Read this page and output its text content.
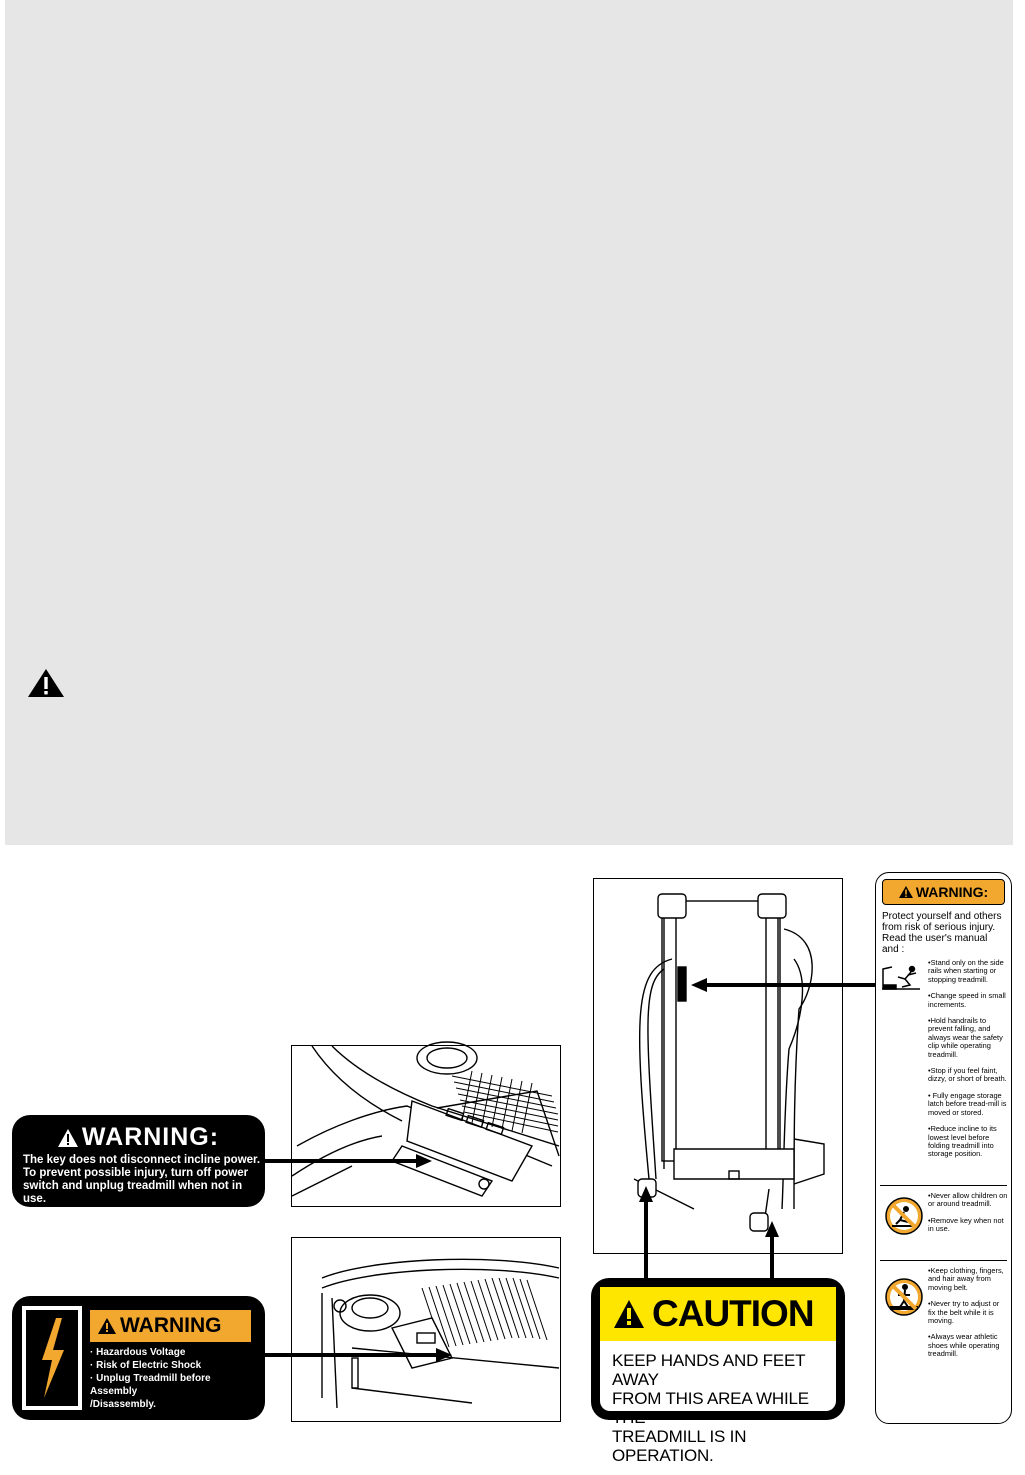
WARNING:
The key does not disconnect incline power.
To prevent possible injury, turn off power
switch and unplug treadmill when not in use.
WARNING
· Hazardous Voltage
· Risk of Electric Shock
· Unplug Treadmill before Assembly
/Disassembly.
CAUTION
KEEP HANDS AND FEET AWAY
FROM THIS AREA WHILE THE
TREADMILL IS IN OPERATION.
WARNING:
Protect yourself and others from risk of serious injury. Read the user's manual and :
•Stand only on the side rails when starting or stopping treadmill.
•Change speed in small increments.
•Hold handrails to prevent falling, and always wear the safety clip while operating treadmill.
•Stop if you feel faint, dizzy, or short of breath.
• Fully engage storage latch before tread-mill is moved or stored.
•Reduce incline to its lowest level before folding treadmill into storage position.
•Never allow children on or around treadmill.
•Remove key when not in use.
•Keep clothing, fingers, and hair away from moving belt.
•Never try to adjust or fix the belt while it is moving.
•Always wear athletic shoes while operating treadmill.
